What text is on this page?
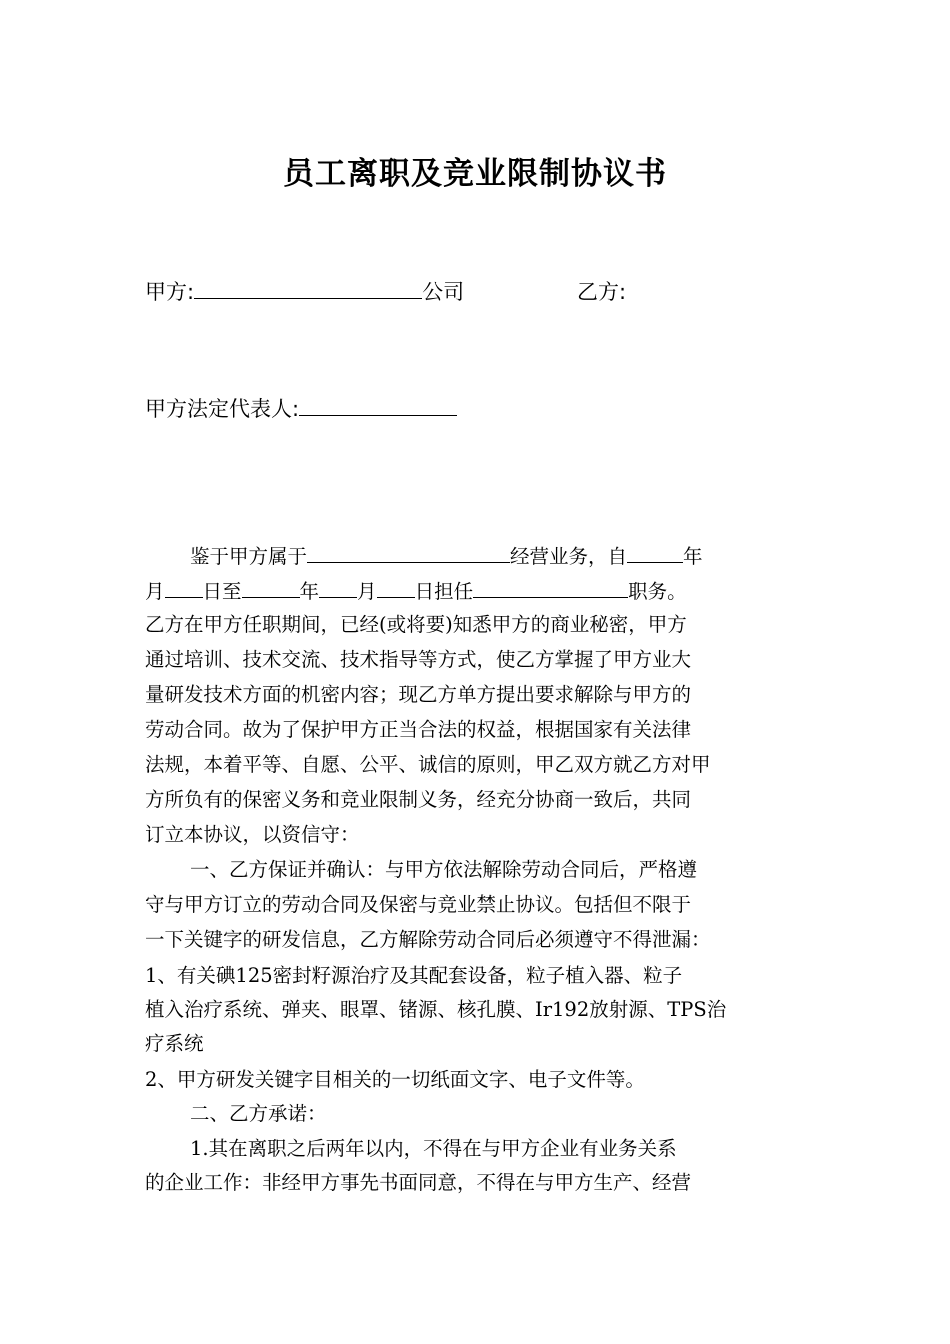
员工离职及竞业限制协议书
甲方:	公司	乙方:
甲方法定代表人:
鉴于甲方属于	经营业务，自	年
月 日至	年 月 日担任	职务。
乙方在甲方任职期间，已经(或将要)知悉甲方的商业秘密，甲方
通过培训、技术交流、技术指导等方式，使乙方掌握了甲方业大
量研发技术方面的机密内容；现乙方单方提出要求解除与甲方的
劳动合同。故为了保护甲方正当合法的权益，根据国家有关法律
法规，本着平等、自愿、公平、诚信的原则，甲乙双方就乙方对甲
方所负有的保密义务和竞业限制义务，经充分协商一致后，共同
订立本协议，以资信守：
一、乙方保证并确认：与甲方依法解除劳动合同后，严格遵
守与甲方订立的劳动合同及保密与竞业禁止协议。包括但不限于
一下关键字的研发信息，乙方解除劳动合同后必须遵守不得泄漏：
1、有关碘125密封籽源治疗及其配套设备，粒子植入器、粒子
植入治疗系统、弹夹、眼罩、锗源、核孔膜、Ir192放射源、TPS治
疗系统
2、甲方研发关键字目相关的一切纸面文字、电子文件等。
二、乙方承诺：
1.其在离职之后两年以内，不得在与甲方企业有业务关系
的企业工作：非经甲方事先书面同意，不得在与甲方生产、经营
